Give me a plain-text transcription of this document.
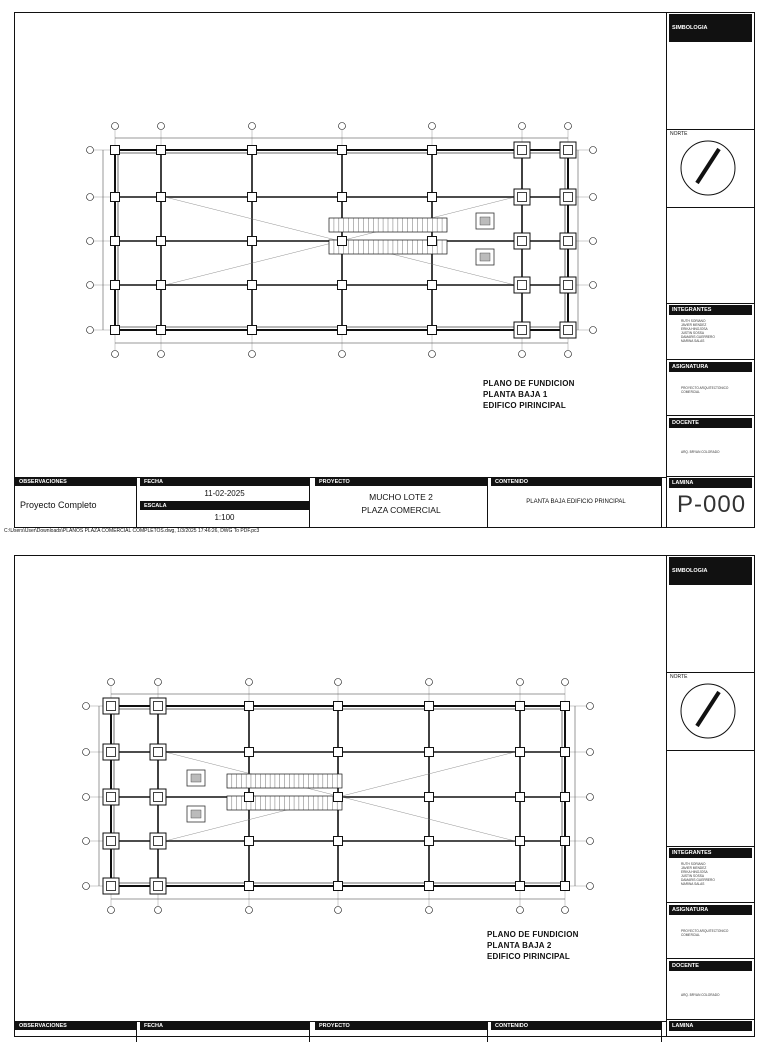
PLANO DE FUNDICION
PLANTA BAJA 1
EDIFICO PIRINCIPAL
SIMBOLOGIA
NORTE
INTEGRANTES
RUTH SORIANO
JAVIER MENDEZ
ERIKA HINOJOSA
JUSTIN SOSSA
DAMARIS GUERRERO
MARINA SALAS
ASIGNATURA
PROYECTO ARQUITECTONICO
COMERCIAL
DOCENTE
ARQ. BRYAN COLORADO
LAMINA
P-000
OBSERVACIONES
Proyecto Completo
FECHA
11-02-2025
ESCALA
1:100
PROYECTO
MUCHO LOTE 2
PLAZA COMERCIAL
CONTENIDO
PLANTA BAJA EDIFICIO PRINCIPAL
C:\Users\User\Downloads\PLANOS PLAZA COMERCIAL COMPLETOS.dwg, 1/3/2025 17:46:26, DWG To PDF.pc3
PLANO DE FUNDICION
PLANTA BAJA 2
EDIFICO PIRINCIPAL
SIMBOLOGIA
NORTE
INTEGRANTES
RUTH SORIANO
JAVIER MENDEZ
ERIKA HINOJOSA
JUSTIN SOSSA
DAMARIS GUERRERO
MARINA SALAS
ASIGNATURA
PROYECTO ARQUITECTONICO
COMERCIAL
DOCENTE
ARQ. BRYAN COLORADO
LAMINA
OBSERVACIONES	FECHA	PROYECTO	CONTENIDO
